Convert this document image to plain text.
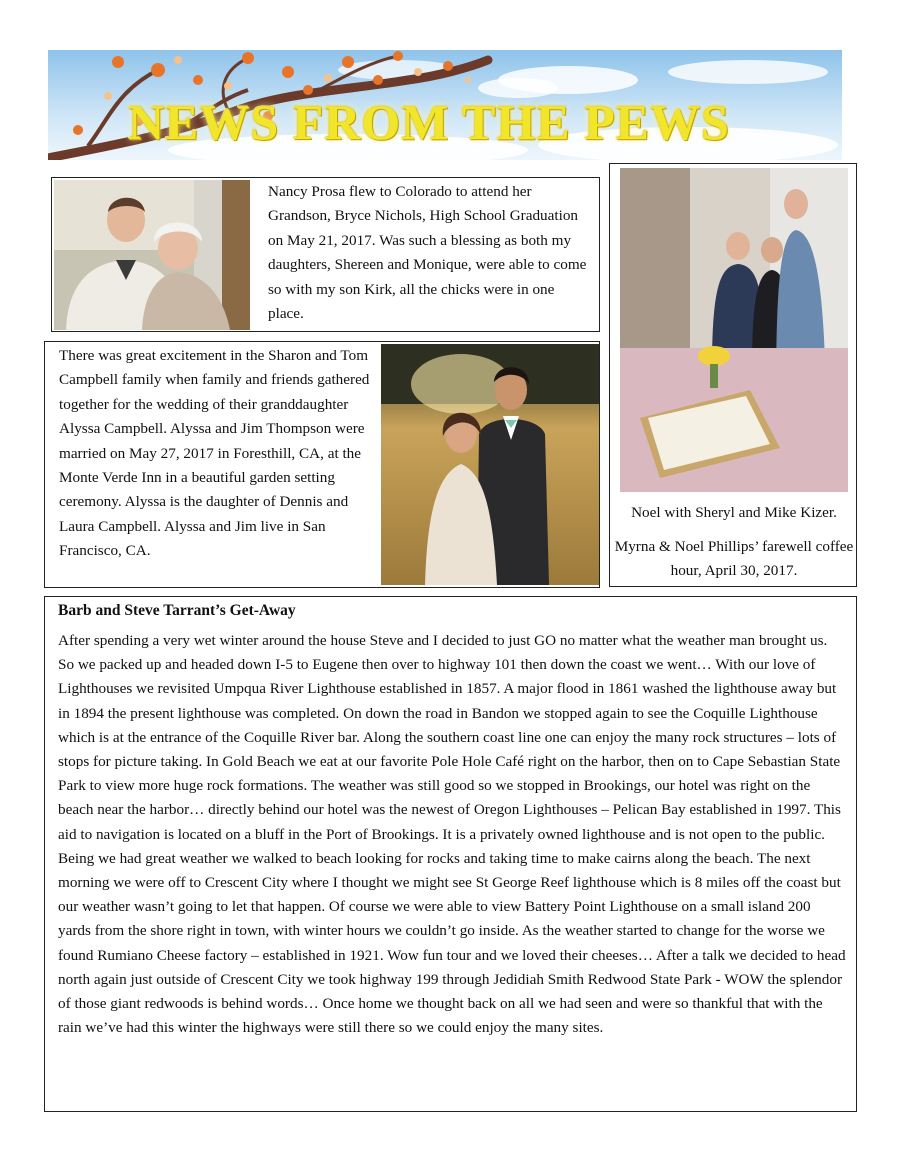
NEWS FROM THE PEWS
Nancy Prosa flew to Colorado to attend her Grandson, Bryce Nichols, High School Graduation on May 21, 2017. Was such a blessing as both my daughters, Shereen and Monique, were able to come so with my son Kirk, all the chicks were in one place.
There was great excitement in the Sharon and Tom Campbell family when family and friends gathered together for the wedding of their granddaughter Alyssa Campbell. Alyssa and Jim Thompson were married on May 27, 2017 in Foresthill, CA, at the Monte Verde Inn in a beautiful garden setting ceremony. Alyssa is the daughter of Dennis and Laura Campbell. Alyssa and Jim live in San Francisco, CA.
Noel with Sheryl and Mike Kizer.
Myrna & Noel Phillips’ farewell coffee hour, April 30, 2017.
Barb and Steve Tarrant’s Get-Away
After spending a very wet winter around the house Steve and I decided to just GO no matter what the weather man brought us. So we packed up and headed down I-5 to Eugene then over to highway 101 then down the coast we went… With our love of Lighthouses we revisited Umpqua River Lighthouse established in 1857. A major flood in 1861 washed the lighthouse away but in 1894 the present lighthouse was completed. On down the road in Bandon we stopped again to see the Coquille Lighthouse which is at the entrance of the Coquille River bar. Along the southern coast line one can enjoy the many rock structures – lots of stops for picture taking. In Gold Beach we eat at our favorite Pole Hole Café right on the harbor, then on to Cape Sebastian State Park to view more huge rock formations. The weather was still good so we stopped in Brookings, our hotel was right on the beach near the harbor… directly behind our hotel was the newest of Oregon Lighthouses – Pelican Bay established in 1997. This aid to navigation is located on a bluff in the Port of Brookings. It is a privately owned lighthouse and is not open to the public. Being we had great weather we walked to beach looking for rocks and taking time to make cairns along the beach. The next morning we were off to Crescent City where I thought we might see St George Reef lighthouse which is 8 miles off the coast but our weather wasn’t going to let that happen. Of course we were able to view Battery Point Lighthouse on a small island 200 yards from the shore right in town, with winter hours we couldn’t go inside. As the weather started to change for the worse we found Rumiano Cheese factory – established in 1921. Wow fun tour and we loved their cheeses… After a talk we decided to head north again just outside of Crescent City we took highway 199 through Jedidiah Smith Redwood State Park - WOW the splendor of those giant redwoods is behind words… Once home we thought back on all we had seen and were so thankful that with the rain we’ve had this winter the highways were still there so we could enjoy the many sites.
